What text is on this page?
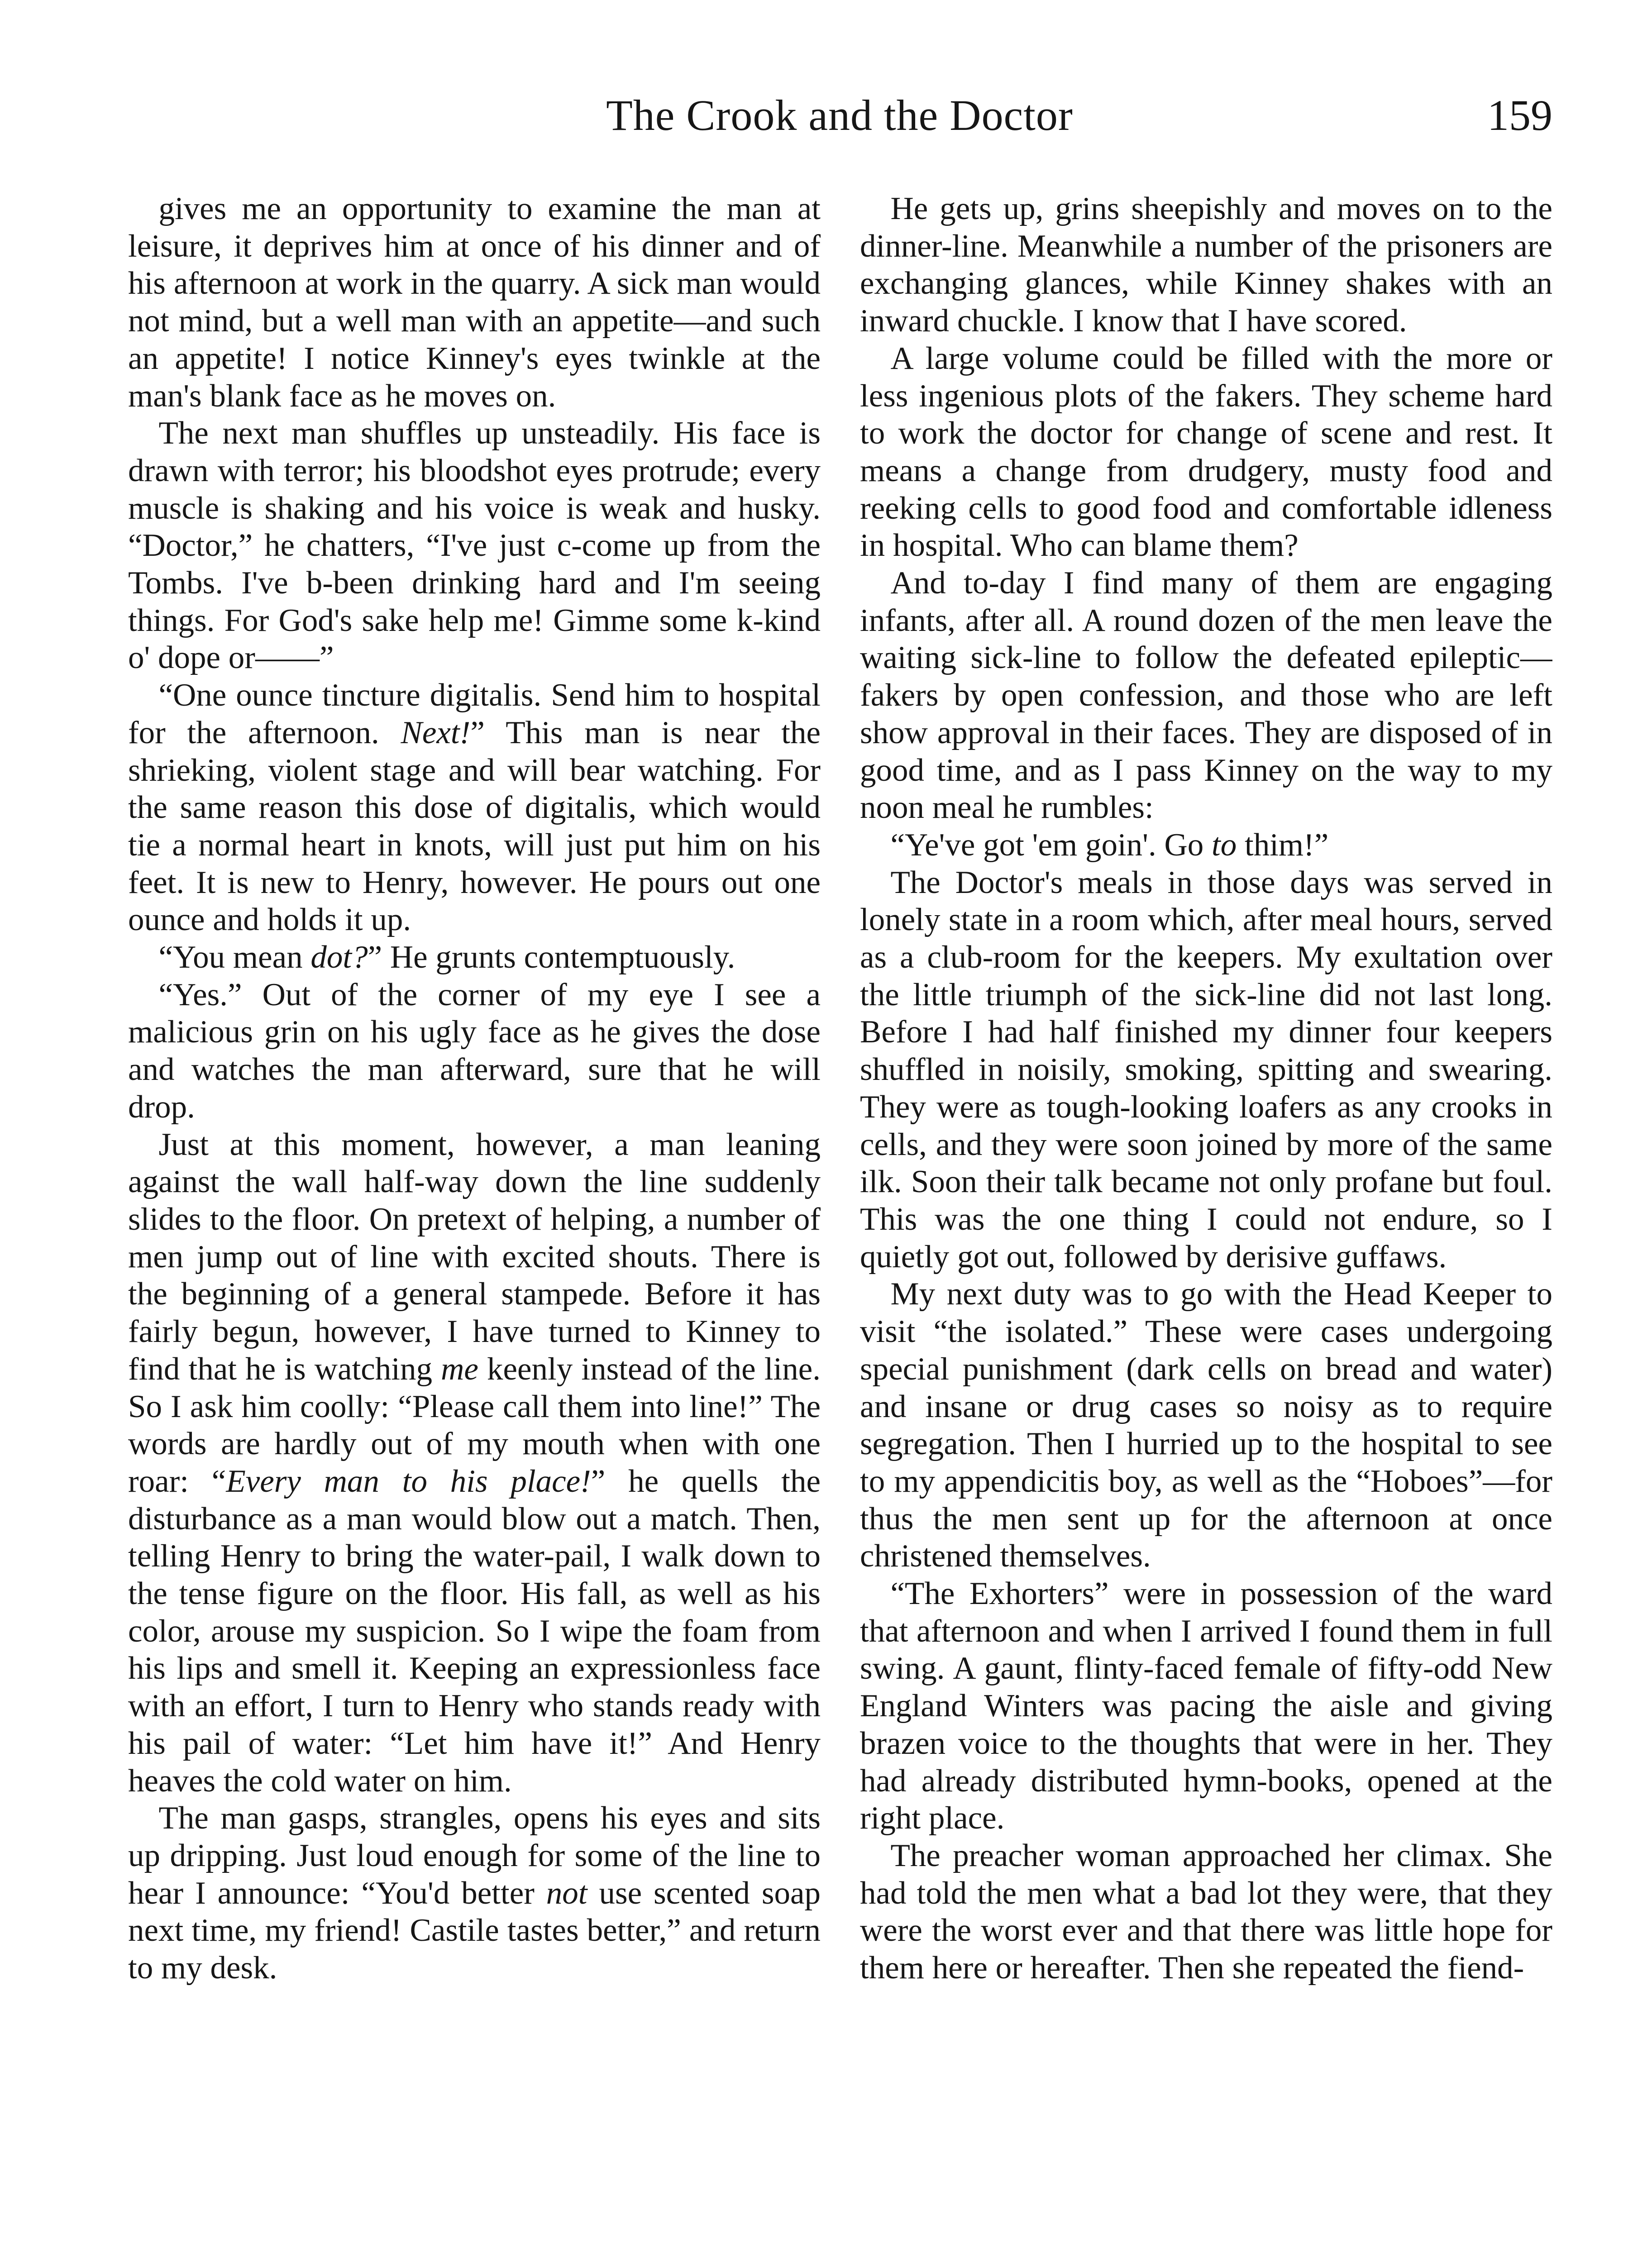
The Crook and the Doctor	159

gives me an opportunity to examine the man at leisure, it deprives him at once of his dinner and of his afternoon at work in the quarry. A sick man would not mind, but a well man with an appetite—and such an appetite! I notice Kinney's eyes twinkle at the man's blank face as he moves on.

The next man shuffles up unsteadily. His face is drawn with terror; his bloodshot eyes protrude; every muscle is shaking and his voice is weak and husky. “Doctor,” he chatters, “I've just c-come up from the Tombs. I've b-been drinking hard and I'm seeing things. For God's sake help me! Gimme some k-kind o' dope or——”

“One ounce tincture digitalis. Send him to hospital for the afternoon. Next!” This man is near the shrieking, violent stage and will bear watching. For the same reason this dose of digitalis, which would tie a normal heart in knots, will just put him on his feet. It is new to Henry, however. He pours out one ounce and holds it up.

“You mean dot?” He grunts contemptuously.

“Yes.” Out of the corner of my eye I see a malicious grin on his ugly face as he gives the dose and watches the man afterward, sure that he will drop.

Just at this moment, however, a man leaning against the wall half-way down the line suddenly slides to the floor. On pretext of helping, a number of men jump out of line with excited shouts. There is the beginning of a general stampede. Before it has fairly begun, however, I have turned to Kinney to find that he is watching me keenly instead of the line. So I ask him coolly: “Please call them into line!” The words are hardly out of my mouth when with one roar: “Every man to his place!” he quells the disturbance as a man would blow out a match. Then, telling Henry to bring the water-pail, I walk down to the tense figure on the floor. His fall, as well as his color, arouse my suspicion. So I wipe the foam from his lips and smell it. Keeping an expressionless face with an effort, I turn to Henry who stands ready with his pail of water: “Let him have it!” And Henry heaves the cold water on him.

The man gasps, strangles, opens his eyes and sits up dripping. Just loud enough for some of the line to hear I announce: “You'd better not use scented soap next time, my friend! Castile tastes better,” and return to my desk.

He gets up, grins sheepishly and moves on to the dinner-line. Meanwhile a number of the prisoners are exchanging glances, while Kinney shakes with an inward chuckle. I know that I have scored.

A large volume could be filled with the more or less ingenious plots of the fakers. They scheme hard to work the doctor for change of scene and rest. It means a change from drudgery, musty food and reeking cells to good food and comfortable idleness in hospital. Who can blame them?

And to-day I find many of them are engaging infants, after all. A round dozen of the men leave the waiting sick-line to follow the defeated epileptic—fakers by open confession, and those who are left show approval in their faces. They are disposed of in good time, and as I pass Kinney on the way to my noon meal he rumbles:

“Ye've got 'em goin'. Go to thim!”

The Doctor's meals in those days was served in lonely state in a room which, after meal hours, served as a club-room for the keepers. My exultation over the little triumph of the sick-line did not last long. Before I had half finished my dinner four keepers shuffled in noisily, smoking, spitting and swearing. They were as tough-looking loafers as any crooks in cells, and they were soon joined by more of the same ilk. Soon their talk became not only profane but foul. This was the one thing I could not endure, so I quietly got out, followed by derisive guffaws.

My next duty was to go with the Head Keeper to visit “the isolated.” These were cases undergoing special punishment (dark cells on bread and water) and insane or drug cases so noisy as to require segregation. Then I hurried up to the hospital to see to my appendicitis boy, as well as the “Hoboes”—for thus the men sent up for the afternoon at once christened themselves.

“The Exhorters” were in possession of the ward that afternoon and when I arrived I found them in full swing. A gaunt, flinty-faced female of fifty-odd New England Winters was pacing the aisle and giving brazen voice to the thoughts that were in her. They had already distributed hymn-books, opened at the right place.

The preacher woman approached her climax. She had told the men what a bad lot they were, that they were the worst ever and that there was little hope for them here or hereafter. Then she repeated the fiend-
